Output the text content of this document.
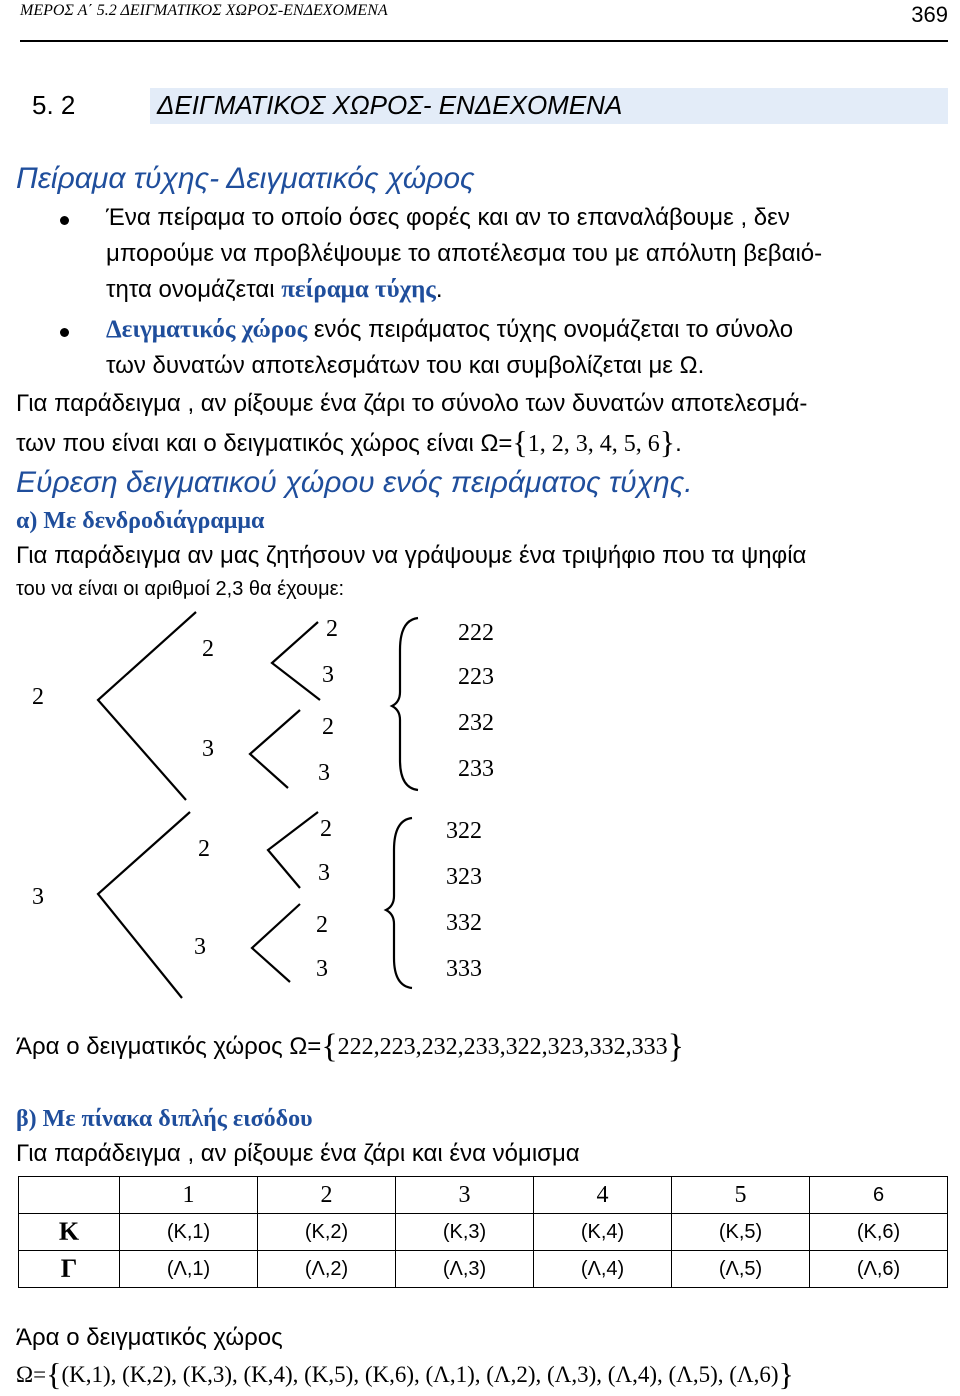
ΜΕΡΟΣ Α΄ 5.2 ΔΕΙΓΜΑΤΙΚΟΣ ΧΩΡΟΣ-ΕΝΔΕΧΟΜΕΝΑ	369
5. 2	ΔΕΙΓΜΑΤΙΚΟΣ ΧΩΡΟΣ- ΕΝΔΕΧΟΜΕΝΑ
Πείραμα τύχης- Δειγματικός χώρος
Ένα πείραμα το οποίο όσες φορές και αν το επαναλάβουμε , δεν
μπορούμε να προβλέψουμε το αποτέλεσμα του με απόλυτη βεβαιό-
τητα ονομάζεται πείραμα τύχης.
Δειγματικός χώρος ενός πειράματος τύχης ονομάζεται το σύνολο
των δυνατών αποτελεσμάτων του και συμβολίζεται με Ω.
Για παράδειγμα , αν ρίξουμε ένα ζάρι το σύνολο των δυνατών αποτελεσμά-
των που είναι και ο δειγματικός χώρος είναι Ω={1, 2, 3, 4, 5, 6}.
Εύρεση δειγματικού χώρου ενός πειράματος τύχης.
α) Με δενδροδιάγραμμα
Για παράδειγμα αν μας ζητήσουν να γράψουμε ένα τριψήφιο που τα ψηφία
του να είναι οι αριθμοί 2,3 θα έχουμε:
2
3
2
3
2
3
2
3
2
3
2
3
2
3
222
223
232
233
322
323
332
333
Άρα ο δειγματικός χώρος Ω={222,223,232,233,322,323,332,333}
β) Με πίνακα διπλής εισόδου
Για παράδειγμα , αν ρίξουμε ένα ζάρι και ένα νόμισμα
	1	2	3	4	5	6
Κ	(Κ,1)	(Κ,2)	(Κ,3)	(Κ,4)	(Κ,5)	(Κ,6)
Γ	(Λ,1)	(Λ,2)	(Λ,3)	(Λ,4)	(Λ,5)	(Λ,6)
Άρα ο δειγματικός χώρος
Ω={(Κ,1), (Κ,2), (Κ,3), (Κ,4), (Κ,5), (Κ,6), (Λ,1), (Λ,2), (Λ,3), (Λ,4), (Λ,5), (Λ,6)}
